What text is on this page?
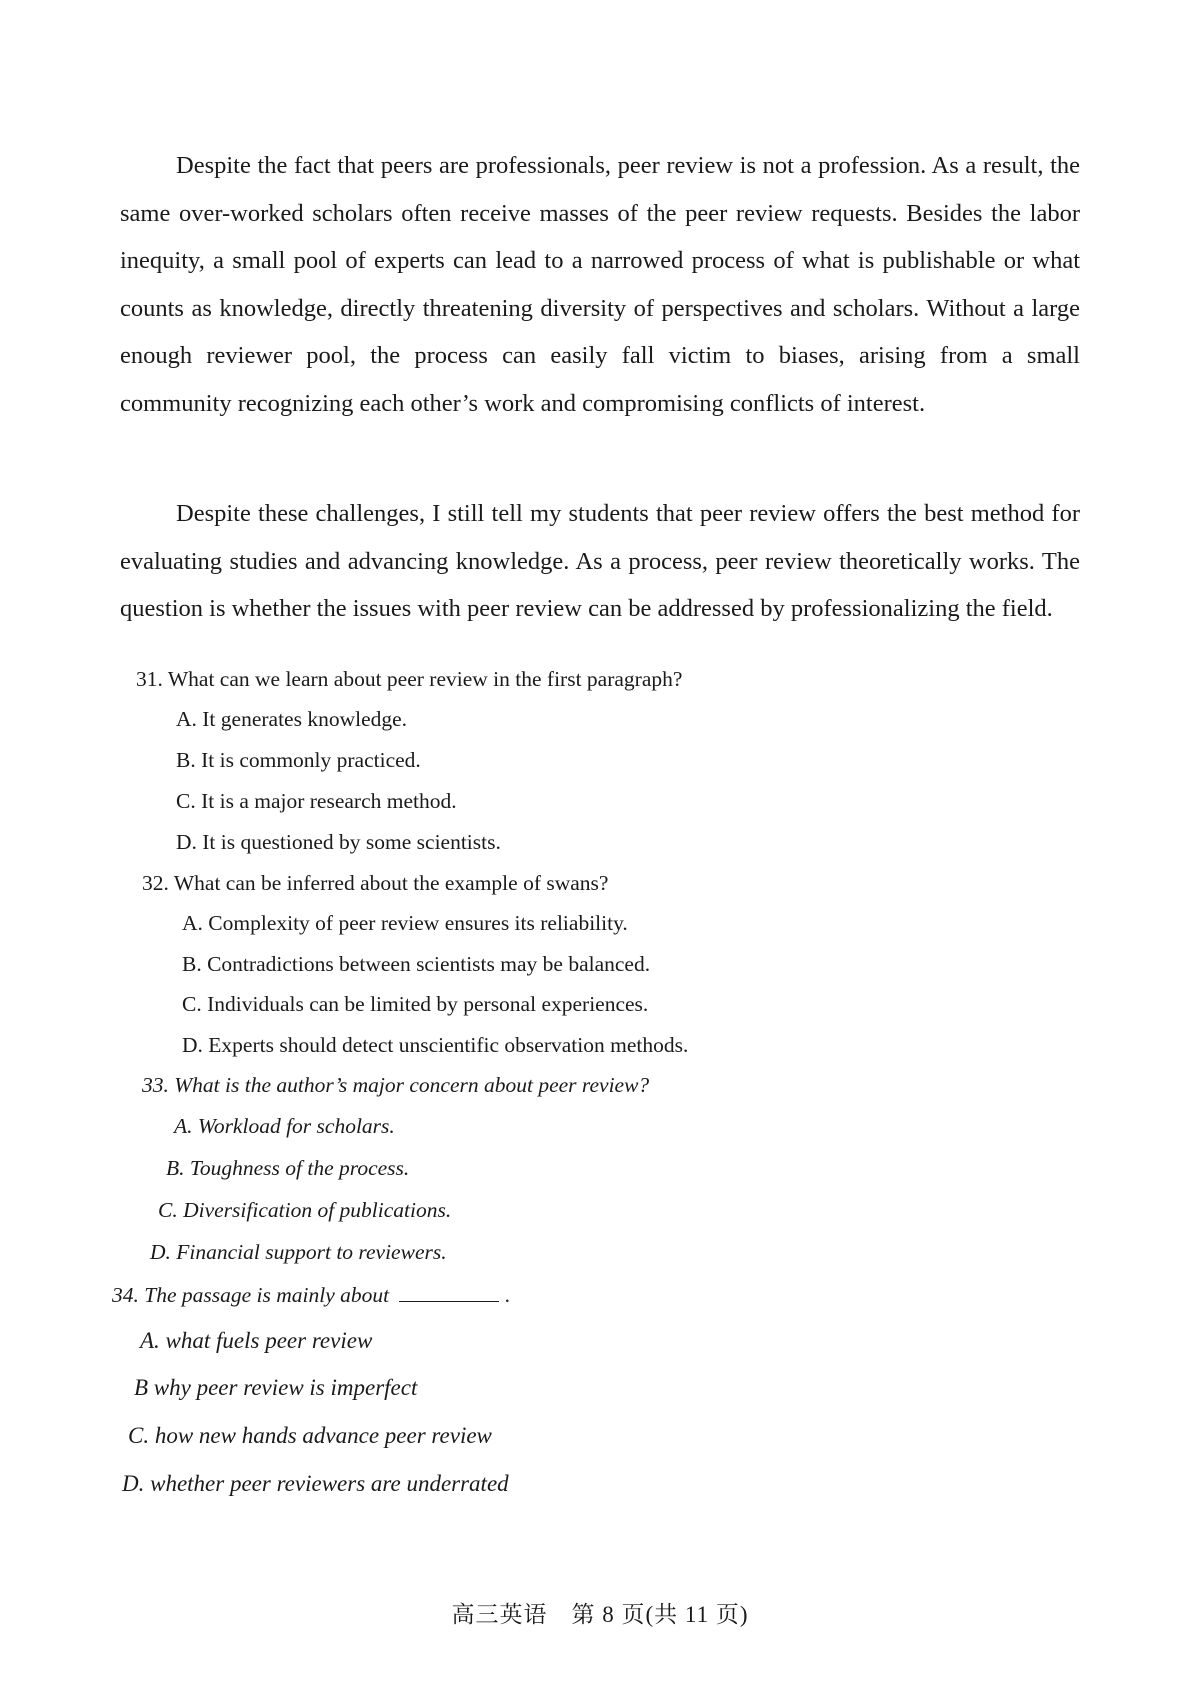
Despite the fact that peers are professionals, peer review is not a profession. As a result, the same over-worked scholars often receive masses of the peer review requests. Besides the labor inequity, a small pool of experts can lead to a narrowed process of what is publishable or what counts as knowledge, directly threatening diversity of perspectives and scholars. Without a large enough reviewer pool, the process can easily fall victim to biases, arising from a small community recognizing each other’s work and compromising conflicts of interest.

Despite these challenges, I still tell my students that peer review offers the best method for evaluating studies and advancing knowledge. As a process, peer review theoretically works. The question is whether the issues with peer review can be addressed by professionalizing the field.

31. What can we learn about peer review in the first paragraph?
A. It generates knowledge.
B. It is commonly practiced.
C. It is a major research method.
D. It is questioned by some scientists.
32. What can be inferred about the example of swans?
A. Complexity of peer review ensures its reliability.
B. Contradictions between scientists may be balanced.
C. Individuals can be limited by personal experiences.
D. Experts should detect unscientific observation methods.
33. What is the author’s major concern about peer review?
A. Workload for scholars.
B. Toughness of the process.
C. Diversification of publications.
D. Financial support to reviewers.
34. The passage is mainly about	.
A. what fuels peer review
B why peer review is imperfect
C. how new hands advance peer review
D. whether peer reviewers are underrated
高三英语　第 8 页(共 11 页)
